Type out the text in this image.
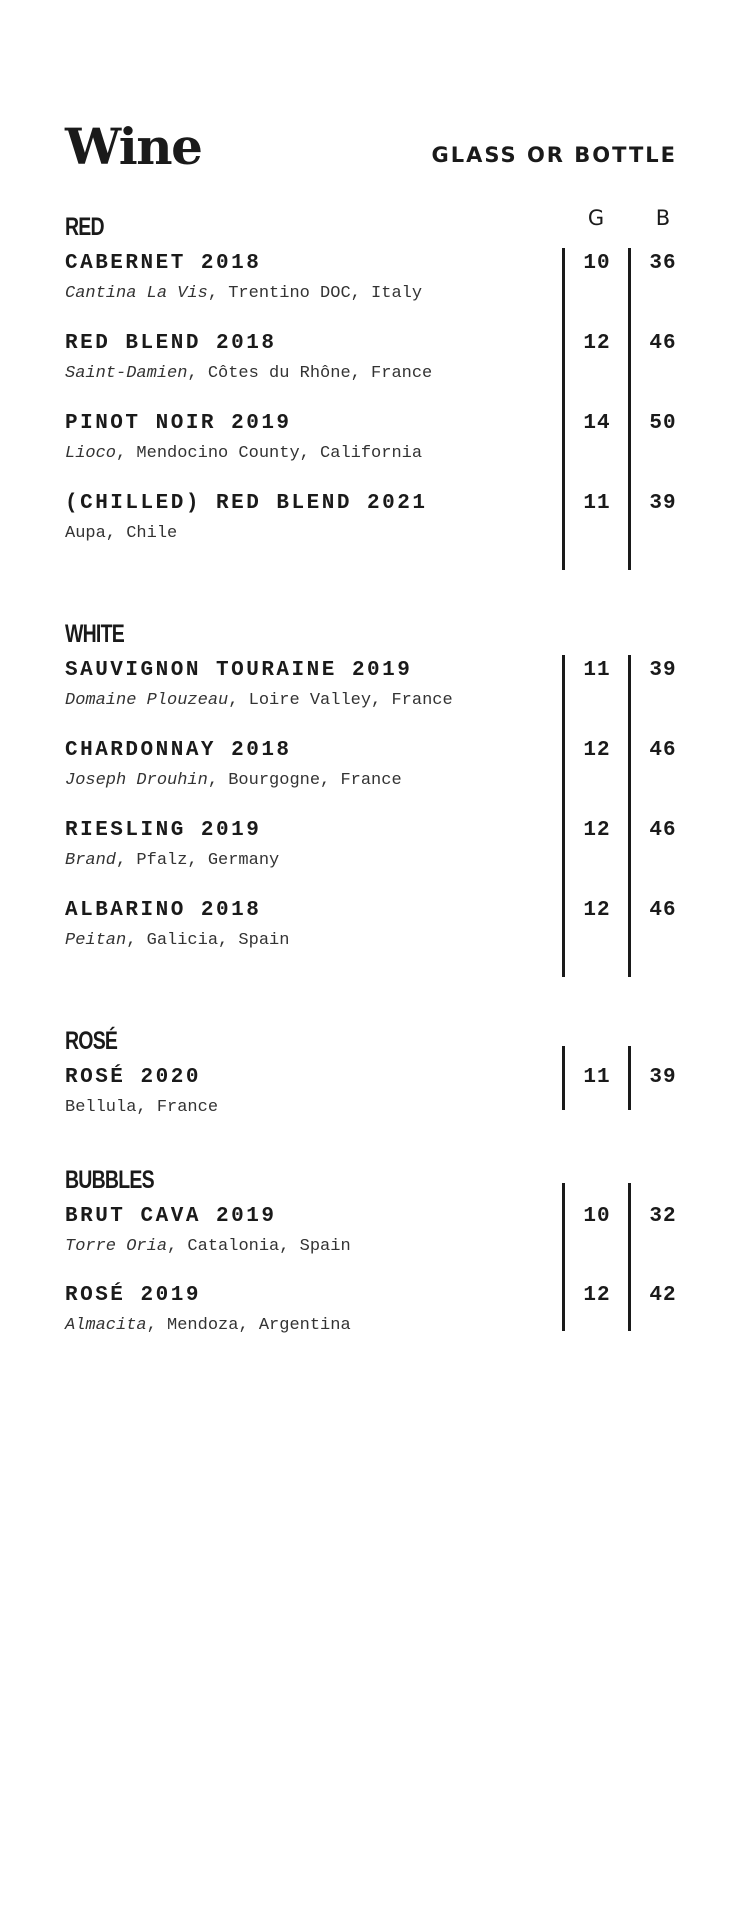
Wine	GLASS OR BOTTLE
G	B
RED
CABERNET 2018
Cantina La Vis, Trentino DOC, Italy
10	36
RED BLEND 2018
Saint-Damien, Côtes du Rhône, France
12	46
PINOT NOIR 2019
Lioco, Mendocino County, California
14	50
(CHILLED) RED BLEND 2021
Aupa, Chile
11	39
WHITE
SAUVIGNON TOURAINE 2019
Domaine Plouzeau, Loire Valley, France
11	39
CHARDONNAY 2018
Joseph Drouhin, Bourgogne, France
12	46
RIESLING 2019
Brand, Pfalz, Germany
12	46
ALBARINO 2018
Peitan, Galicia, Spain
12	46
ROSÉ
ROSÉ 2020
Bellula, France
11	39
BUBBLES
BRUT CAVA 2019
Torre Oria, Catalonia, Spain
10	32
ROSÉ 2019
Almacita, Mendoza, Argentina
12	42
